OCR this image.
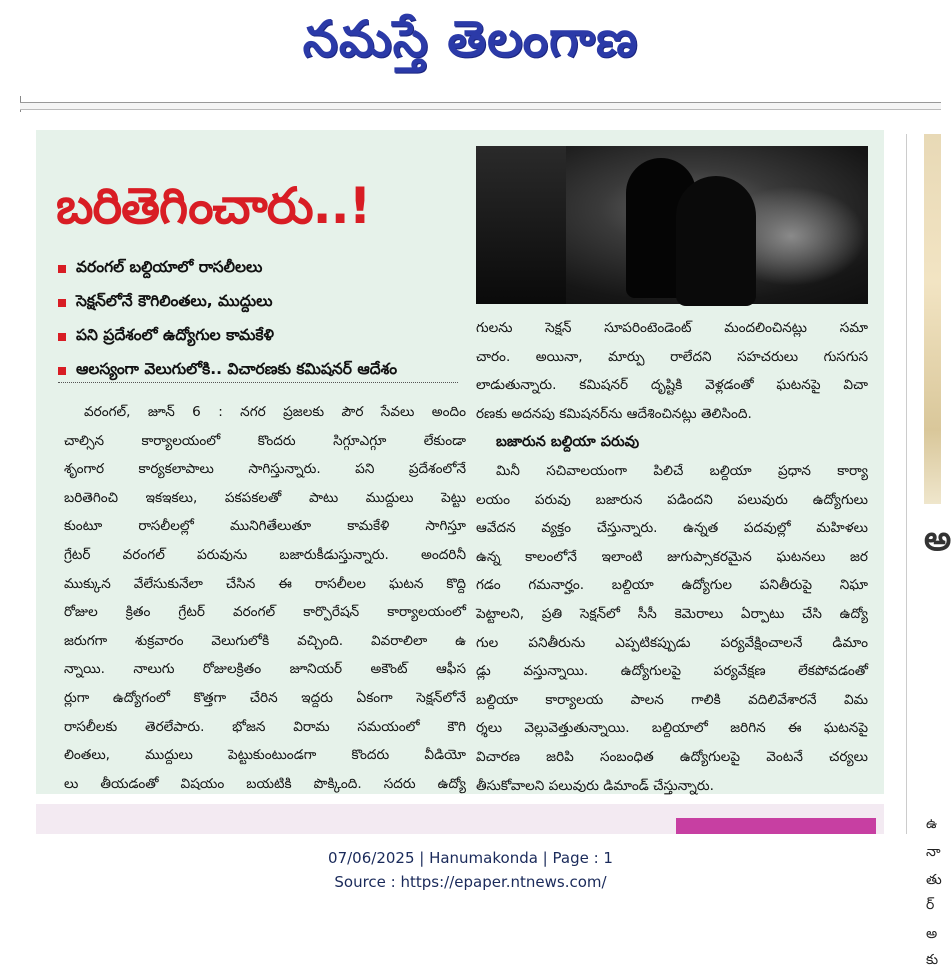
నమస్తే తెలంగాణ
బరితెగించారు..!
వరంగల్ బల్దియాలో రాసలీలలు
సెక్షన్‌లోనే కౌగిలింతలు, ముద్దులు
పని ప్రదేశంలో ఉద్యోగుల కామకేళి
ఆలస్యంగా వెలుగులోకి.. విచారణకు కమిషనర్ ఆదేశం
వరంగల్, జూన్ 6 : నగర ప్రజలకు పౌర సేవలు అందిం
చాల్సిన కార్యాలయంలో కొందరు సిగ్గూఎగ్గూ లేకుండా
శృంగార కార్యకలాపాలు సాగిస్తున్నారు. పని ప్రదేశంలోనే
బరితెగించి ఇకఇకలు, పకపకలతో పాటు ముద్దులు పెట్టు
కుంటూ రాసలీలల్లో మునిగితేలుతూ కామకేళి సాగిస్తూ
గ్రేటర్ వరంగల్ పరువును బజారుకీడుస్తున్నారు. అందరినీ
ముక్కున వేలేసుకునేలా చేసిన ఈ రాసలీలల ఘటన కొద్ది
రోజుల క్రితం గ్రేటర్ వరంగల్ కార్పొరేషన్ కార్యాలయంలో
జరుగగా శుక్రవారం వెలుగులోకి వచ్చింది. వివరాలిలా ఉ
న్నాయి. నాలుగు రోజులక్రితం జూనియర్ అకౌంట్ ఆఫీస
ర్లుగా ఉద్యోగంలో కొత్తగా చేరిన ఇద్దరు ఏకంగా సెక్షన్‌లోనే
రాసలీలకు తెరలేపారు. భోజన విరామ సమయంలో కౌగి
లింతలు, ముద్దులు పెట్టుకుంటుండగా కొందరు వీడియో
లు తీయడంతో విషయం బయటికి పొక్కింది. సదరు ఉద్యో
గులను సెక్షన్ సూపరింటెండెంట్ మందలించినట్లు సమా
చారం. అయినా, మార్పు రాలేదని సహచరులు గుసగుస
లాడుతున్నారు. కమిషనర్ దృష్టికి వెళ్లడంతో ఘటనపై విచా
రణకు అదనపు కమిషనర్‌ను ఆదేశించినట్లు తెలిసింది.
బజారున బల్దియా పరువు
మినీ సచివాలయంగా పిలిచే బల్దియా ప్రధాన కార్యా
లయం పరువు బజారున పడిందని పలువురు ఉద్యోగులు
ఆవేదన వ్యక్తం చేస్తున్నారు. ఉన్నత పదవుల్లో మహిళలు
ఉన్న కాలంలోనే ఇలాంటి జుగుప్సాకరమైన ఘటనలు జర
గడం గమనార్హం. బల్దియా ఉద్యోగుల పనితీరుపై నిఘా
పెట్టాలని, ప్రతి సెక్షన్‌లో సీసీ కెమెరాలు ఏర్పాటు చేసి ఉద్యో
గుల పనితీరును ఎప్పటికప్పుడు పర్యవేక్షించాలనే డిమాం
డ్లు వస్తున్నాయి. ఉద్యోగులపై పర్యవేక్షణ లేకపోవడంతో
బల్దియా కార్యాలయ పాలన గాలికి వదిలివేశారనే విమ
ర్శలు వెల్లువెత్తుతున్నాయి. బల్దియాలో జరిగిన ఈ ఘటనపై
విచారణ జరిపి సంబంధిత ఉద్యోగులపై వెంటనే చర్యలు
తీసుకోవాలని పలువురు డిమాండ్ చేస్తున్నారు.
అ
ఉ
నా
తు
ర్
అ
కు
07/06/2025 | Hanumakonda | Page : 1
Source : https://epaper.ntnews.com/
